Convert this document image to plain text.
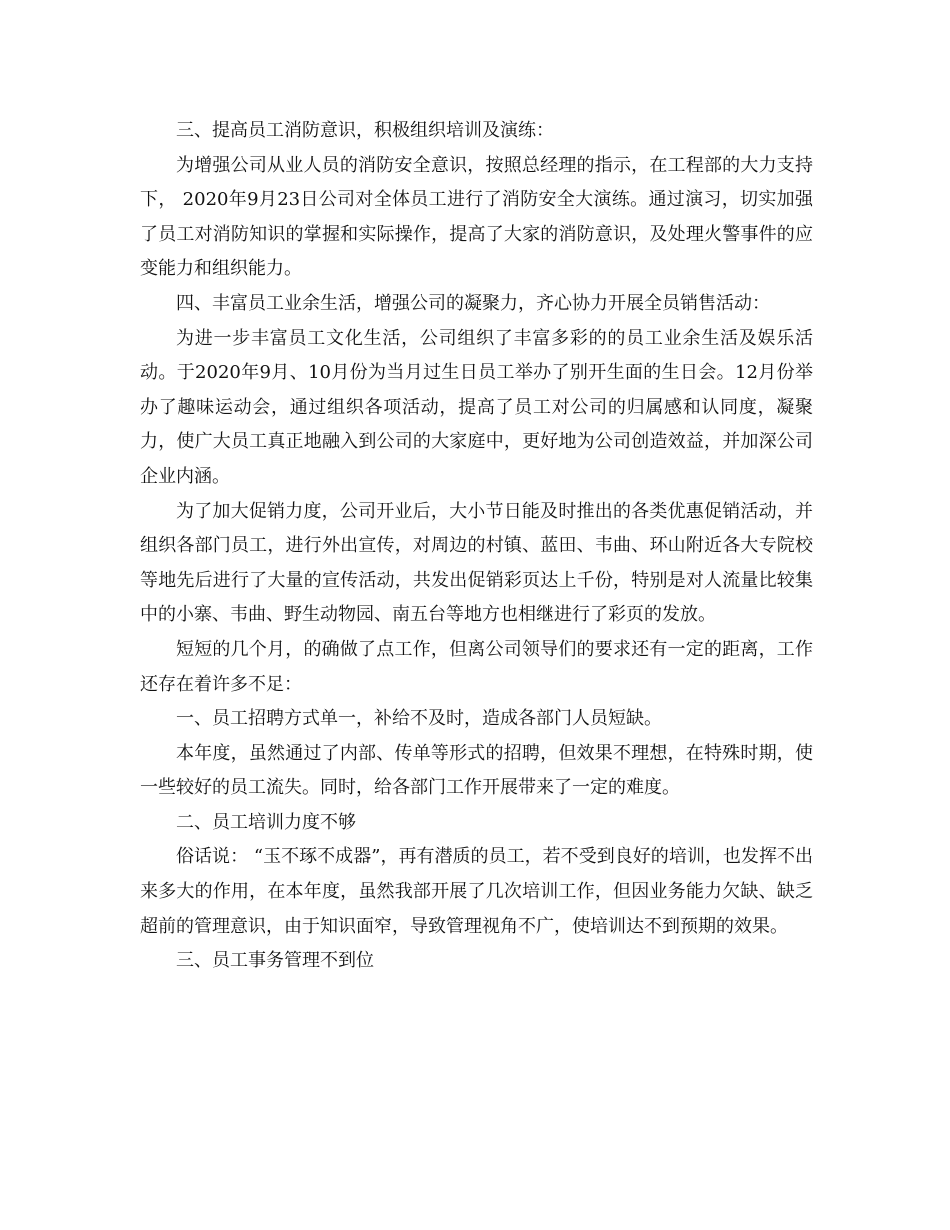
三、提高员工消防意识，积极组织培训及演练：

为增强公司从业人员的消防安全意识，按照总经理的指示，在工程部的大力支持下， 2020年9月23日公司对全体员工进行了消防安全大演练。通过演习，切实加强了员工对消防知识的掌握和实际操作，提高了大家的消防意识，及处理火警事件的应变能力和组织能力。

四、丰富员工业余生活，增强公司的凝聚力，齐心协力开展全员销售活动：

为进一步丰富员工文化生活，公司组织了丰富多彩的的员工业余生活及娱乐活动。于2020年9月、10月份为当月过生日员工举办了别开生面的生日会。12月份举办了趣味运动会，通过组织各项活动，提高了员工对公司的归属感和认同度，凝聚力，使广大员工真正地融入到公司的大家庭中，更好地为公司创造效益，并加深公司企业内涵。

为了加大促销力度，公司开业后，大小节日能及时推出的各类优惠促销活动，并组织各部门员工，进行外出宣传，对周边的村镇、蓝田、韦曲、环山附近各大专院校等地先后进行了大量的宣传活动，共发出促销彩页达上千份，特别是对人流量比较集中的小寨、韦曲、野生动物园、南五台等地方也相继进行了彩页的发放。

短短的几个月，的确做了点工作，但离公司领导们的要求还有一定的距离，工作还存在着许多不足：

一、员工招聘方式单一，补给不及时，造成各部门人员短缺。

本年度，虽然通过了内部、传单等形式的招聘，但效果不理想，在特殊时期，使一些较好的员工流失。同时，给各部门工作开展带来了一定的难度。

二、员工培训力度不够

俗话说： “玉不琢不成器”，再有潜质的员工，若不受到良好的培训，也发挥不出来多大的作用，在本年度，虽然我部开展了几次培训工作，但因业务能力欠缺、缺乏超前的管理意识，由于知识面窄，导致管理视角不广，使培训达不到预期的效果。

三、员工事务管理不到位
